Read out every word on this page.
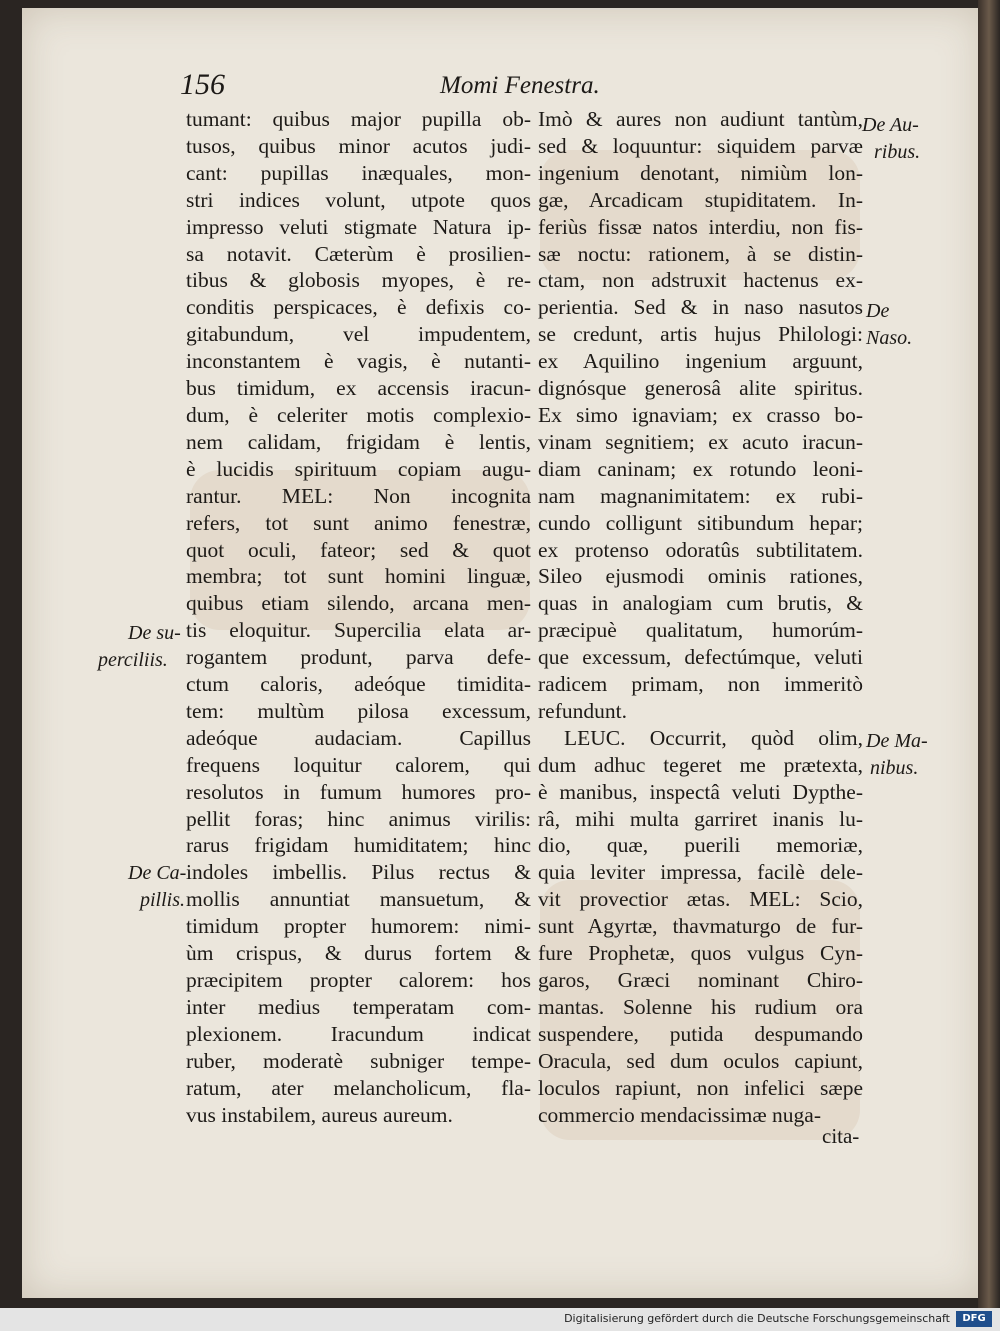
156	Momi Fenestra.
tumant: quibus major pupilla ob-
tusos, quibus minor acutos judi-
cant: pupillas inæquales, mon-
stri indices volunt, utpote quos
impresso veluti stigmate Natura ip-
sa notavit. Cæterùm è prosilien-
tibus & globosis myopes, è re-
conditis perspicaces, è defixis co-
gitabundum, vel impudentem,
inconstantem è vagis, è nutanti-
bus timidum, ex accensis iracun-
dum, è celeriter motis complexio-
nem calidam, frigidam è lentis,
è lucidis spirituum copiam augu-
rantur. MEL: Non incognita
refers, tot sunt animo fenestræ,
quot oculi, fateor; sed & quot
membra; tot sunt homini linguæ,
quibus etiam silendo, arcana men-
tis eloquitur. Supercilia elata ar-
rogantem produnt, parva defe-
ctum caloris, adeóque timidita-
tem: multùm pilosa excessum,
adeóque audaciam. Capillus
frequens loquitur calorem, qui
resolutos in fumum humores pro-
pellit foras; hinc animus virilis:
rarus frigidam humiditatem; hinc
indoles imbellis. Pilus rectus &
mollis annuntiat mansuetum, &
timidum propter humorem: nimi-
ùm crispus, & durus fortem &
præcipitem propter calorem: hos
inter medius temperatam com-
plexionem. Iracundum indicat
ruber, moderatè subniger tempe-
ratum, ater melancholicum, fla-
vus instabilem, aureus aureum.
Imò & aures non audiunt tantùm,
sed & loquuntur: siquidem parvæ
ingenium denotant, nimiùm lon-
gæ, Arcadicam stupiditatem. In-
feriùs fissæ natos interdiu, non fis-
sæ noctu: rationem, à se distin-
ctam, non adstruxit hactenus ex-
perientia. Sed & in naso nasutos
se credunt, artis hujus Philologi:
ex Aquilino ingenium arguunt,
dignósque generosâ alite spiritus.
Ex simo ignaviam; ex crasso bo-
vinam segnitiem; ex acuto iracun-
diam caninam; ex rotundo leoni-
nam magnanimitatem: ex rubi-
cundo colligunt sitibundum hepar;
ex protenso odoratûs subtilitatem.
Sileo ejusmodi ominis rationes,
quas in analogiam cum brutis, &
præcipuè qualitatum, humorúm-
que excessum, defectúmque, veluti
radicem primam, non immeritò
refundunt.
LEUC. Occurrit, quòd olim,
dum adhuc tegeret me prætexta,
è manibus, inspectâ veluti Dypthe-
râ, mihi multa garriret inanis lu-
dio, quæ, puerili memoriæ,
quia leviter impressa, facilè dele-
vit provectior ætas. MEL: Scio,
sunt Agyrtæ, thavmaturgo de fur-
fure Prophetæ, quos vulgus Cyn-
garos, Græci nominant Chiro-
mantas. Solenne his rudium ora
suspendere, putida despumando
Oracula, sed dum oculos capiunt,
loculos rapiunt, non infelici sæpe
commercio mendacissimæ nuga-
De Au-
ribus.
De
Naso.
De su-
perciliis.
De Ma-
nibus.
De Ca-
pillis.
cita-
Digitalisierung gefördert durch die Deutsche Forschungsgemeinschaft	DFG
